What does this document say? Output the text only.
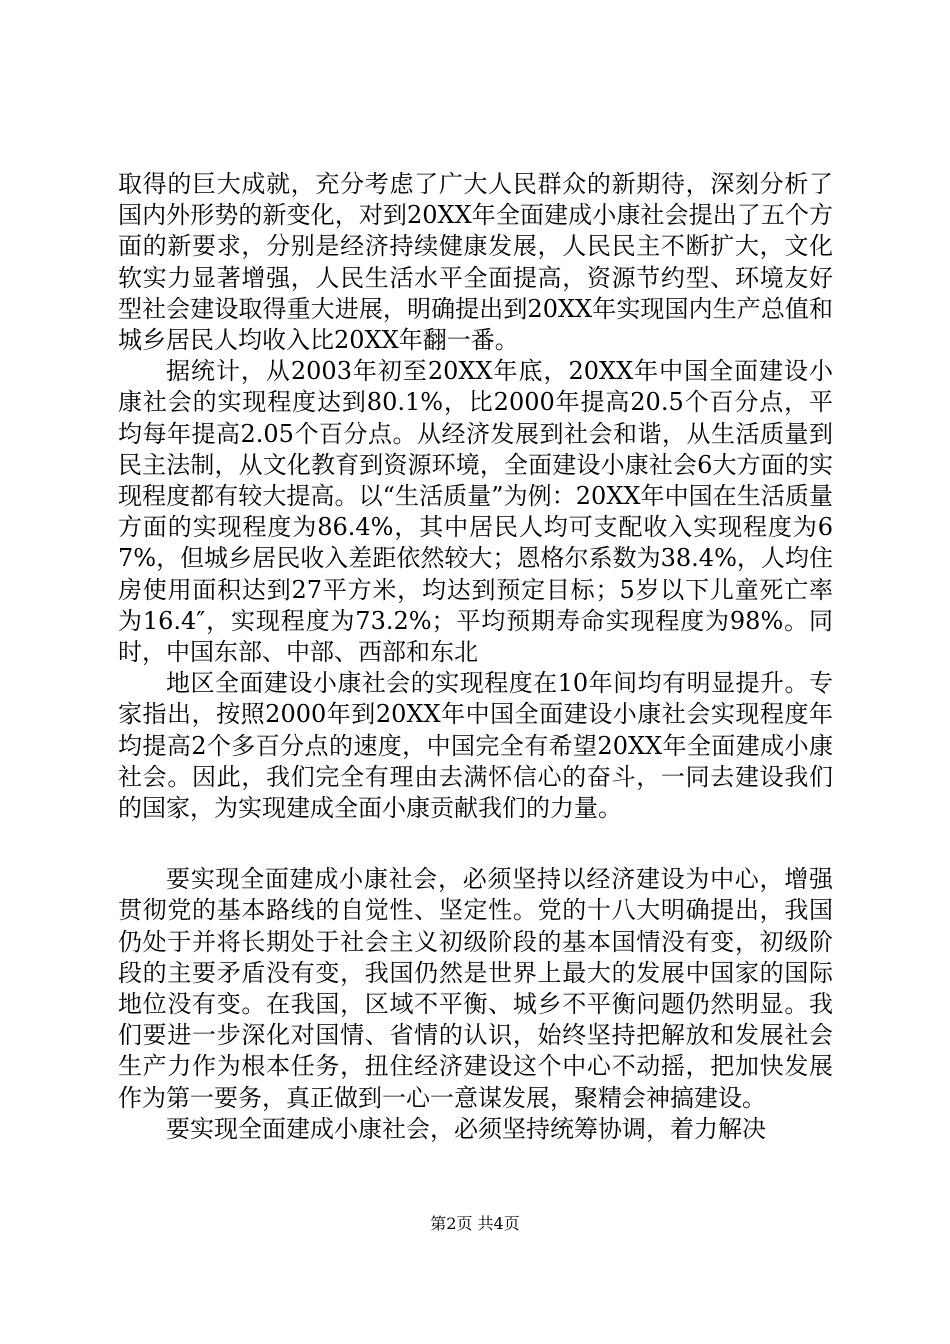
取得的巨大成就，充分考虑了广大人民群众的新期待，深刻分析了国内外形势的新变化，对到20XX年全面建成小康社会提出了五个方面的新要求，分别是经济持续健康发展，人民民主不断扩大，文化软实力显著增强，人民生活水平全面提高，资源节约型、环境友好型社会建设取得重大进展，明确提出到20XX年实现国内生产总值和城乡居民人均收入比20XX年翻一番。

据统计，从2003年初至20XX年底，20XX年中国全面建设小康社会的实现程度达到80.1%，比2000年提高20.5个百分点，平均每年提高2.05个百分点。从经济发展到社会和谐，从生活质量到民主法制，从文化教育到资源环境，全面建设小康社会6大方面的实现程度都有较大提高。以“生活质量”为例：20XX年中国在生活质量方面的实现程度为86.4%，其中居民人均可支配收入实现程度为67%，但城乡居民收入差距依然较大；恩格尔系数为38.4%，人均住房使用面积达到27平方米，均达到预定目标；5岁以下儿童死亡率为16.4″，实现程度为73.2%；平均预期寿命实现程度为98%。同时，中国东部、中部、西部和东北

地区全面建设小康社会的实现程度在10年间均有明显提升。专家指出，按照2000年到20XX年中国全面建设小康社会实现程度年均提高2个多百分点的速度，中国完全有希望20XX年全面建成小康社会。因此，我们完全有理由去满怀信心的奋斗，一同去建设我们的国家，为实现建成全面小康贡献我们的力量。

要实现全面建成小康社会，必须坚持以经济建设为中心，增强贯彻党的基本路线的自觉性、坚定性。党的十八大明确提出，我国仍处于并将长期处于社会主义初级阶段的基本国情没有变，初级阶段的主要矛盾没有变，我国仍然是世界上最大的发展中国家的国际地位没有变。在我国，区域不平衡、城乡不平衡问题仍然明显。我们要进一步深化对国情、省情的认识，始终坚持把解放和发展社会生产力作为根本任务，扭住经济建设这个中心不动摇，把加快发展作为第一要务，真正做到一心一意谋发展，聚精会神搞建设。

要实现全面建成小康社会，必须坚持统筹协调，着力解决

第2页 共4页
